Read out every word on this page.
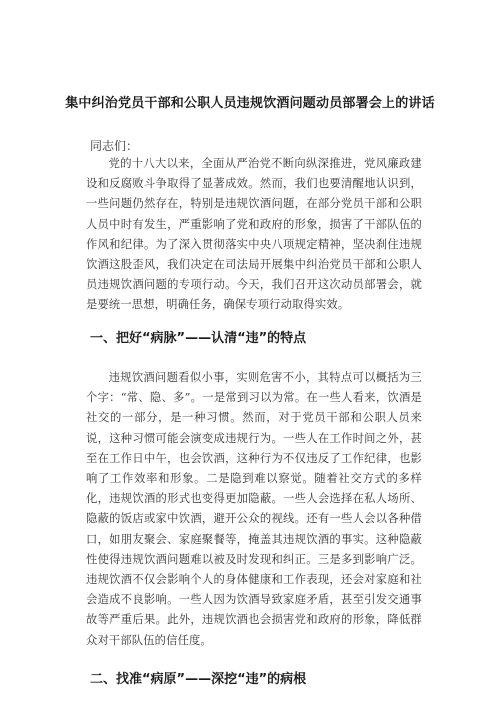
集中纠治党员干部和公职人员违规饮酒问题动员部署会上的讲话
同志们：
党的十八大以来，全面从严治党不断向纵深推进，党风廉政建设和反腐败斗争取得了显著成效。然而，我们也要清醒地认识到，一些问题仍然存在，特别是违规饮酒问题，在部分党员干部和公职人员中时有发生，严重影响了党和政府的形象，损害了干部队伍的作风和纪律。为了深入贯彻落实中央八项规定精神，坚决刹住违规饮酒这股歪风，我们决定在司法局开展集中纠治党员干部和公职人员违规饮酒问题的专项行动。今天，我们召开这次动员部署会，就是要统一思想，明确任务，确保专项行动取得实效。
一、把好“病脉”——认清“违”的特点
违规饮酒问题看似小事，实则危害不小，其特点可以概括为三个字：“常、隐、多”。一是常到习以为常。在一些人看来，饮酒是社交的一部分，是一种习惯。然而，对于党员干部和公职人员来说，这种习惯可能会演变成违规行为。一些人在工作时间之外，甚至在工作日中午，也会饮酒，这种行为不仅违反了工作纪律，也影响了工作效率和形象。二是隐到难以察觉。随着社交方式的多样化，违规饮酒的形式也变得更加隐蔽。一些人会选择在私人场所、隐蔽的饭店或家中饮酒，避开公众的视线。还有一些人会以各种借口，如朋友聚会、家庭聚餐等，掩盖其违规饮酒的事实。这种隐蔽性使得违规饮酒问题难以被及时发现和纠正。三是多到影响广泛。违规饮酒不仅会影响个人的身体健康和工作表现，还会对家庭和社会造成不良影响。一些人因为饮酒导致家庭矛盾，甚至引发交通事故等严重后果。此外，违规饮酒也会损害党和政府的形象，降低群众对干部队伍的信任度。
二、找准“病原”——深挖“违”的病根
